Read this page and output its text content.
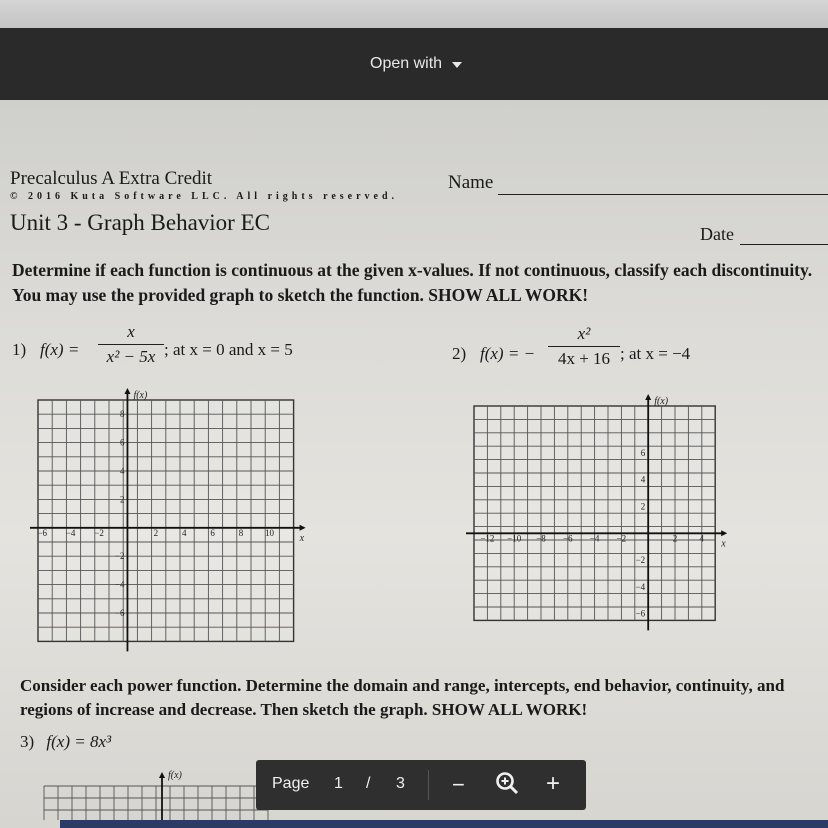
Open with
Precalculus A Extra Credit
© 2016 Kuta Software LLC. All rights reserved.
Name
Unit 3 - Graph Behavior EC	Date
Determine if each function is continuous at the given x-values. If not continuous, classify each discontinuity. You may use the provided graph to sketch the function. SHOW ALL WORK!
1) f(x) =
x
x² − 5x ; at x = 0 and x = 5	2) f(x) = −
x²
4x + 16 ; at x = −4
f(x)
x
−6 −4 −2	2	4	6	8 10
8
6
4
2
−2
−4
−6
f(x)
x
−12 −10 −8 −6 −4 −2	2 4
6
4
2
−2
−4
−6
Consider each power function. Determine the domain and range, intercepts, end behavior, continuity, and regions of increase and decrease. Then sketch the graph. SHOW ALL WORK!
3) f(x) = 8x³
f(x)	Page 1 / 3 −	+
